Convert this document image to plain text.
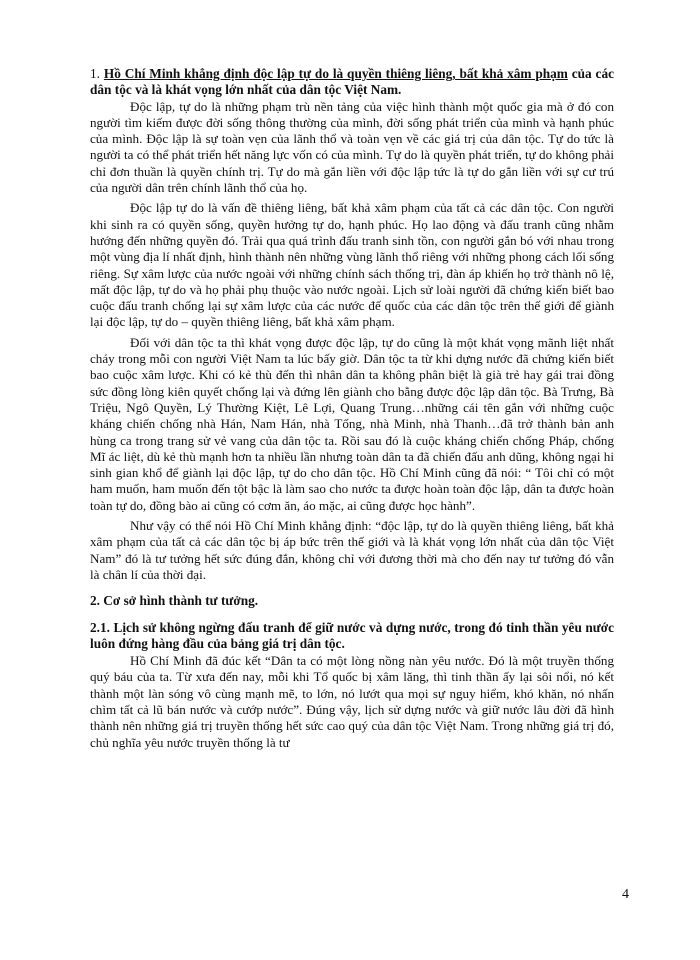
1. Hồ Chí Minh khẳng định độc lập tự do là quyền thiêng liêng, bất khả xâm phạm của các dân tộc và là khát vọng lớn nhất của dân tộc Việt Nam.

Độc lập, tự do là những phạm trù nền tảng của việc hình thành một quốc gia mà ở đó con người tìm kiếm được đời sống thông thường của mình, đời sống phát triển của mình và hạnh phúc của mình. Độc lập là sự toàn vẹn của lãnh thổ và toàn vẹn về các giá trị của dân tộc. Tự do tức là người ta có thể phát triển hết năng lực vốn có của mình. Tự do là quyền phát triển, tự do không phải chỉ đơn thuần là quyền chính trị. Tự do mà gắn liền với độc lập tức là tự do gắn liền với sự cư trú của người dân trên chính lãnh thổ của họ.

Độc lập tự do là vấn đề thiêng liêng, bất khả xâm phạm của tất cả các dân tộc. Con người khi sinh ra có quyền sống, quyền hưởng tự do, hạnh phúc. Họ lao động và đấu tranh cũng nhằm hướng đến những quyền đó. Trải qua quá trình đấu tranh sinh tồn, con người gắn bó với nhau trong một vùng địa lí nhất định, hình thành nên những vùng lãnh thổ riêng với những phong cách lối sống riêng. Sự xâm lược của nước ngoài với những chính sách thống trị, đàn áp khiến họ trở thành nô lệ, mất độc lập, tự do và họ phải phụ thuộc vào nước ngoài. Lịch sử loài người đã chứng kiến biết bao cuộc đấu tranh chống lại sự xâm lược của các nước đế quốc của các dân tộc trên thế giới để giành lại độc lập, tự do – quyền thiêng liêng, bất khả xâm phạm.

Đối với dân tộc ta thì khát vọng được độc lập, tự do cũng là một khát vọng mãnh liệt nhất cháy trong mỗi con người Việt Nam ta lúc bấy giờ. Dân tộc ta từ khi dựng nước đã chứng kiến biết bao cuộc xâm lược. Khi có kẻ thù đến thì nhân dân ta không phân biệt là già trẻ hay gái trai đồng sức đồng lòng kiên quyết chống lại và đứng lên giành cho bằng được độc lập dân tộc. Bà Trưng, Bà Triệu, Ngô Quyền, Lý Thường Kiệt, Lê Lợi, Quang Trung…những cái tên gắn với những cuộc kháng chiến chống nhà Hán, Nam Hán, nhà Tống, nhà Minh, nhà Thanh…đã trở thành bản anh hùng ca trong trang sử vẻ vang của dân tộc ta. Rồi sau đó là cuộc kháng chiến chống Pháp, chống Mĩ ác liệt, dù kẻ thù mạnh hơn ta nhiều lần nhưng toàn dân ta đã chiến đấu anh dũng, không ngại hi sinh gian khổ để giành lại độc lập, tự do cho dân tộc. Hồ Chí Minh cũng đã nói: “ Tôi chỉ có một ham muốn, ham muốn đến tột bậc là làm sao cho nước ta được hoàn toàn độc lập, dân ta được hoàn toàn tự do, đồng bào ai cũng có cơm ăn, áo mặc, ai cũng được học hành”.

Như vậy có thể nói Hồ Chí Minh khẳng định: “độc lập, tự do là quyền thiêng liêng, bất khả xâm phạm của tất cả các dân tộc bị áp bức trên thế giới và là khát vọng lớn nhất của dân tộc Việt Nam” đó là tư tưởng hết sức đúng đắn, không chỉ với đương thời mà cho đến nay tư tưởng đó vẫn là chân lí của thời đại.

2. Cơ sở hình thành tư tưởng.
2.1. Lịch sử không ngừng đấu tranh để giữ nước và dựng nước, trong đó tinh thần yêu nước luôn đứng hàng đầu của bảng giá trị dân tộc.

Hồ Chí Minh đã đúc kết “Dân ta có một lòng nồng nàn yêu nước. Đó là một truyền thống quý báu của ta. Từ xưa đến nay, mỗi khi Tổ quốc bị xâm lăng, thì tinh thần ấy lại sôi nổi, nó kết thành một làn sóng vô cùng mạnh mẽ, to lớn, nó lướt qua mọi sự nguy hiểm, khó khăn, nó nhấn chìm tất cả lũ bán nước và cướp nước”. Đúng vậy, lịch sử dựng nước và giữ nước lâu đời đã hình thành nên những giá trị truyền thống hết sức cao quý của dân tộc Việt Nam. Trong những giá trị đó, chủ nghĩa yêu nước truyền thống là tư

4
